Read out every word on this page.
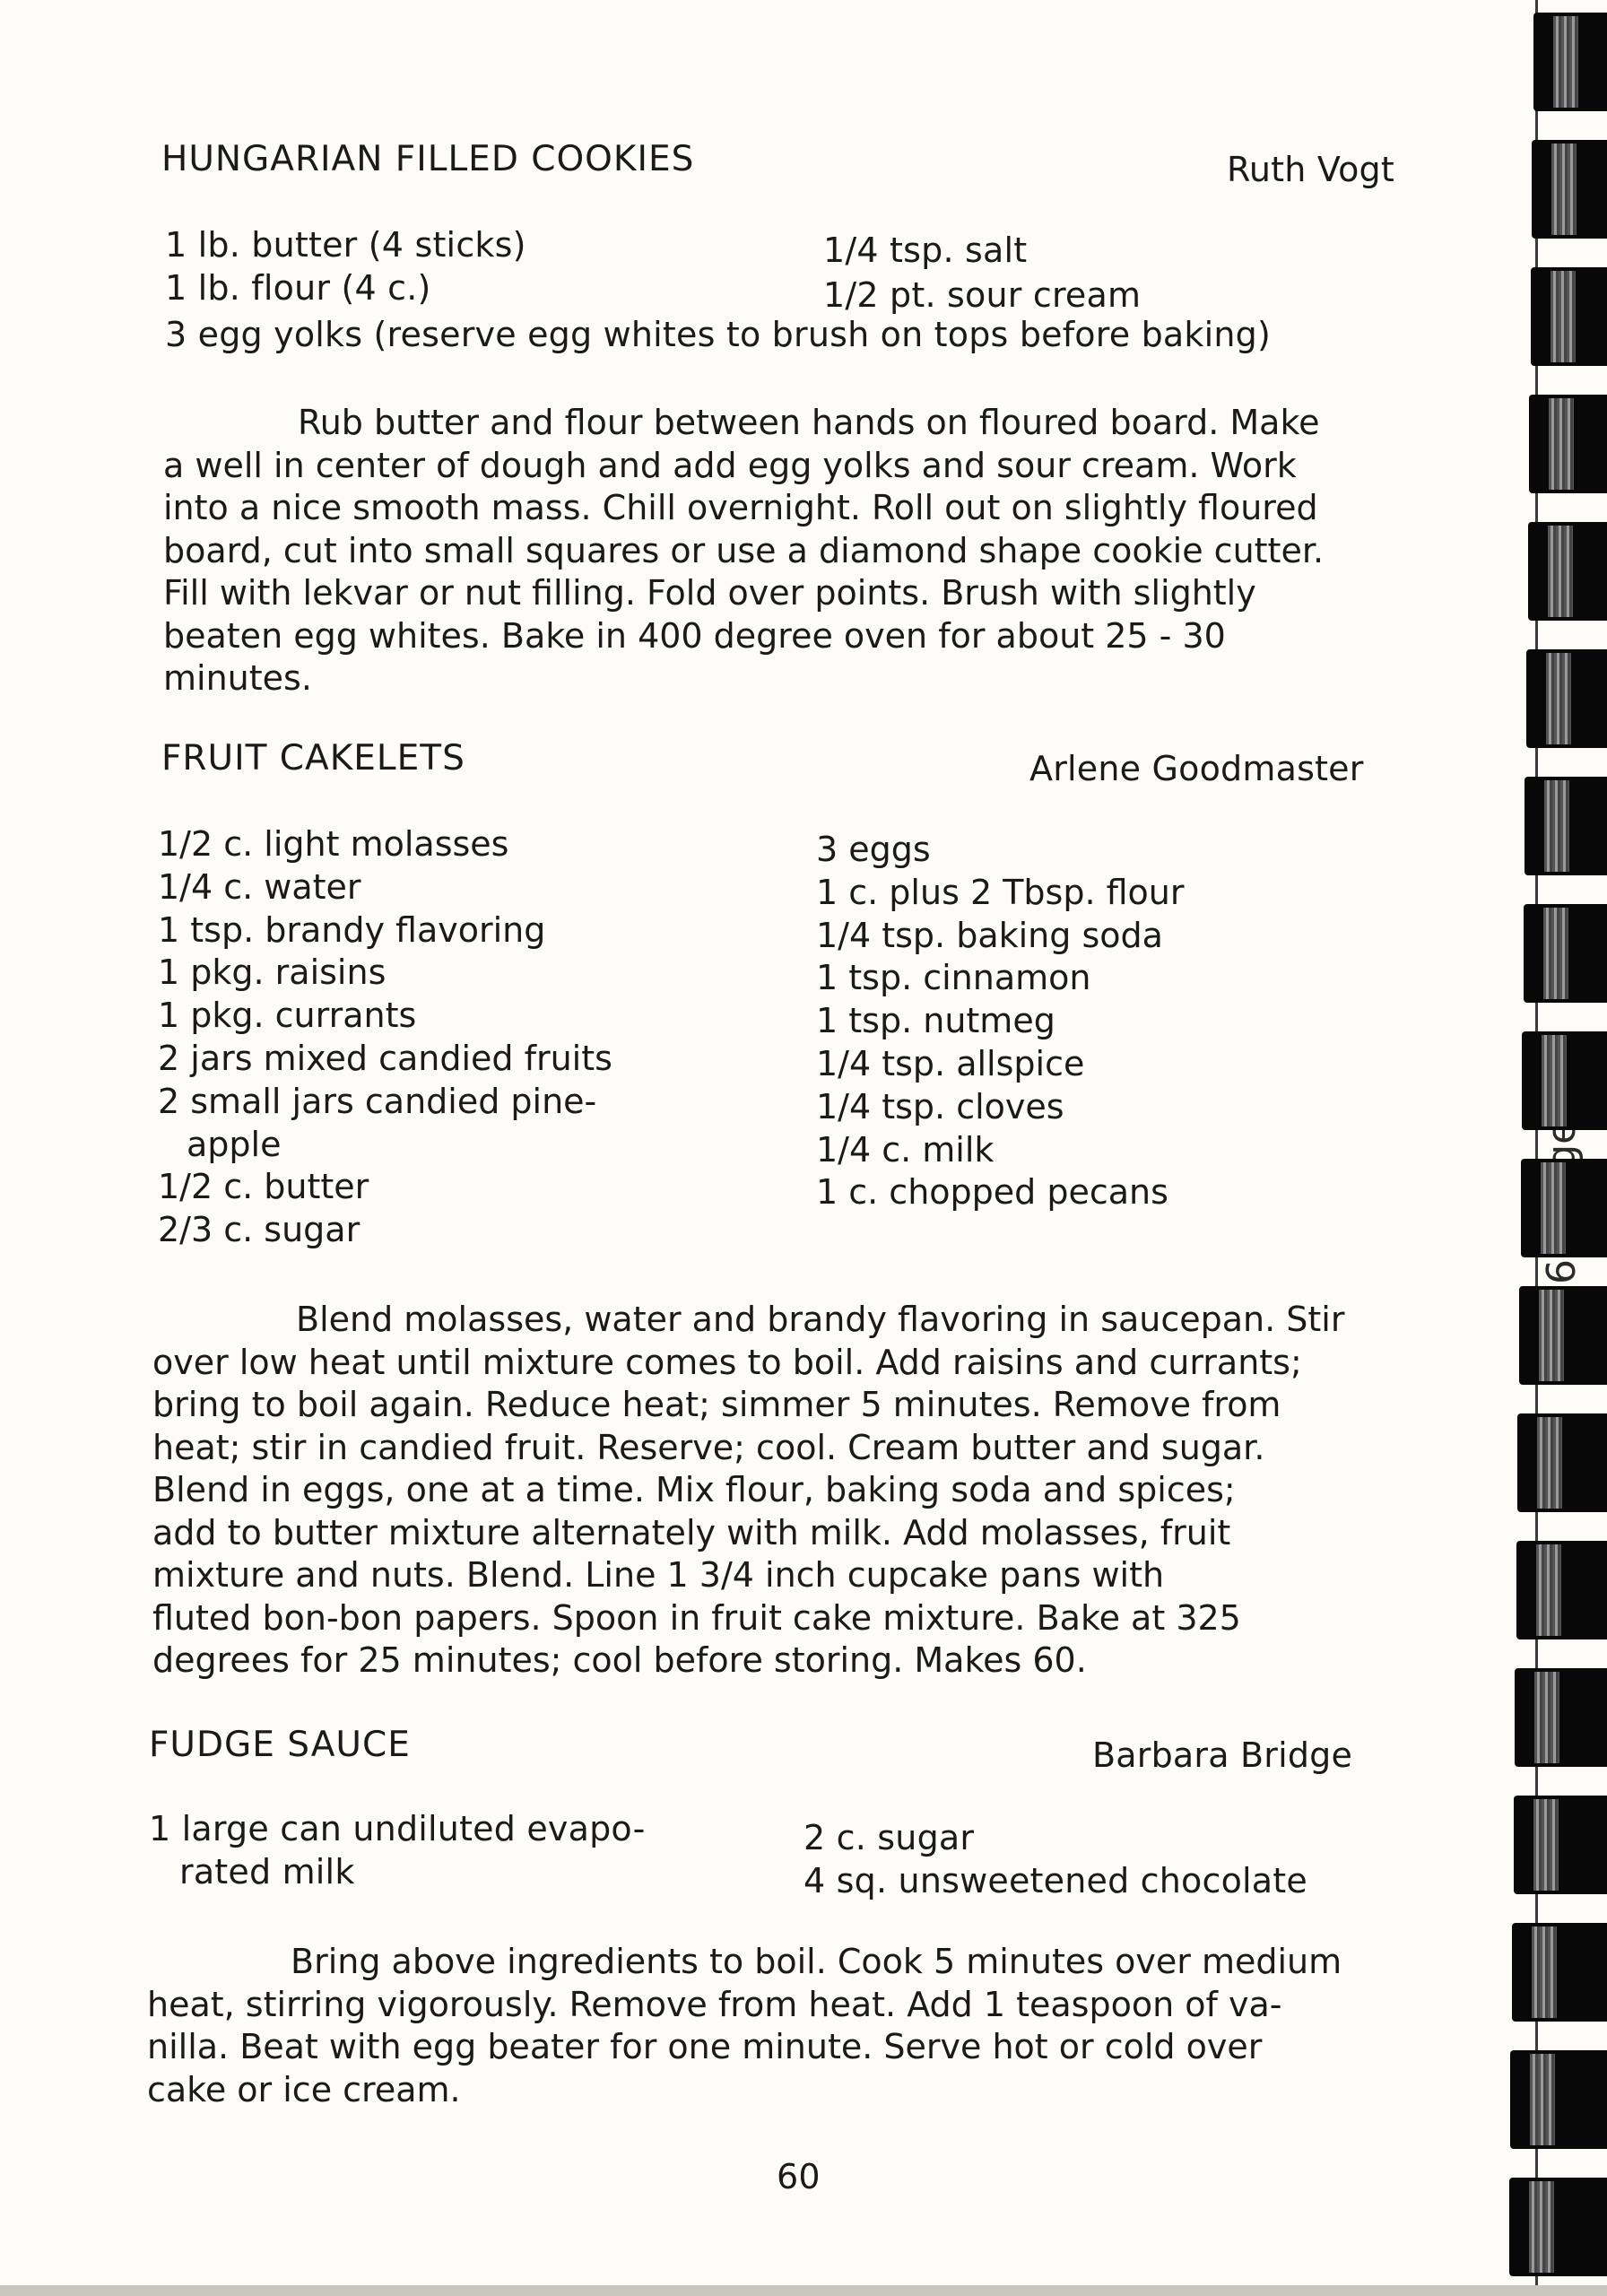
HUNGARIAN FILLED COOKIES	Ruth Vogt
1 lb. butter (4 sticks)
1 lb. flour (4 c.)
1/4 tsp. salt
1/2 pt. sour cream
3 egg yolks (reserve egg whites to brush on tops before baking)
Rub butter and flour between hands on floured board. Make
a well in center of dough and add egg yolks and sour cream. Work
into a nice smooth mass. Chill overnight. Roll out on slightly floured
board, cut into small squares or use a diamond shape cookie cutter.
Fill with lekvar or nut filling. Fold over points. Brush with slightly
beaten egg whites. Bake in 400 degree oven for about 25 - 30
minutes.
FRUIT CAKELETS	Arlene Goodmaster
1/2 c. light molasses
1/4 c. water
1 tsp. brandy flavoring
1 pkg. raisins
1 pkg. currants
2 jars mixed candied fruits
2 small jars candied pine-
apple
1/2 c. butter
2/3 c. sugar
3 eggs
1 c. plus 2 Tbsp. flour
1/4 tsp. baking soda
1 tsp. cinnamon
1 tsp. nutmeg
1/4 tsp. allspice
1/4 tsp. cloves
1/4 c. milk
1 c. chopped pecans
Blend molasses, water and brandy flavoring in saucepan. Stir
over low heat until mixture comes to boil. Add raisins and currants;
bring to boil again. Reduce heat; simmer 5 minutes. Remove from
heat; stir in candied fruit. Reserve; cool. Cream butter and sugar.
Blend in eggs, one at a time. Mix flour, baking soda and spices;
add to butter mixture alternately with milk. Add molasses, fruit
mixture and nuts. Blend. Line 1 3/4 inch cupcake pans with
fluted bon-bon papers. Spoon in fruit cake mixture. Bake at 325
degrees for 25 minutes; cool before storing. Makes 60.
FUDGE SAUCE	Barbara Bridge
1 large can undiluted evapo-
rated milk
2 c. sugar
4 sq. unsweetened chocolate
Bring above ingredients to boil. Cook 5 minutes over medium
heat, stirring vigorously. Remove from heat. Add 1 teaspoon of va-
nilla. Beat with egg beater for one minute. Serve hot or cold over
cake or ice cream.
60
866
